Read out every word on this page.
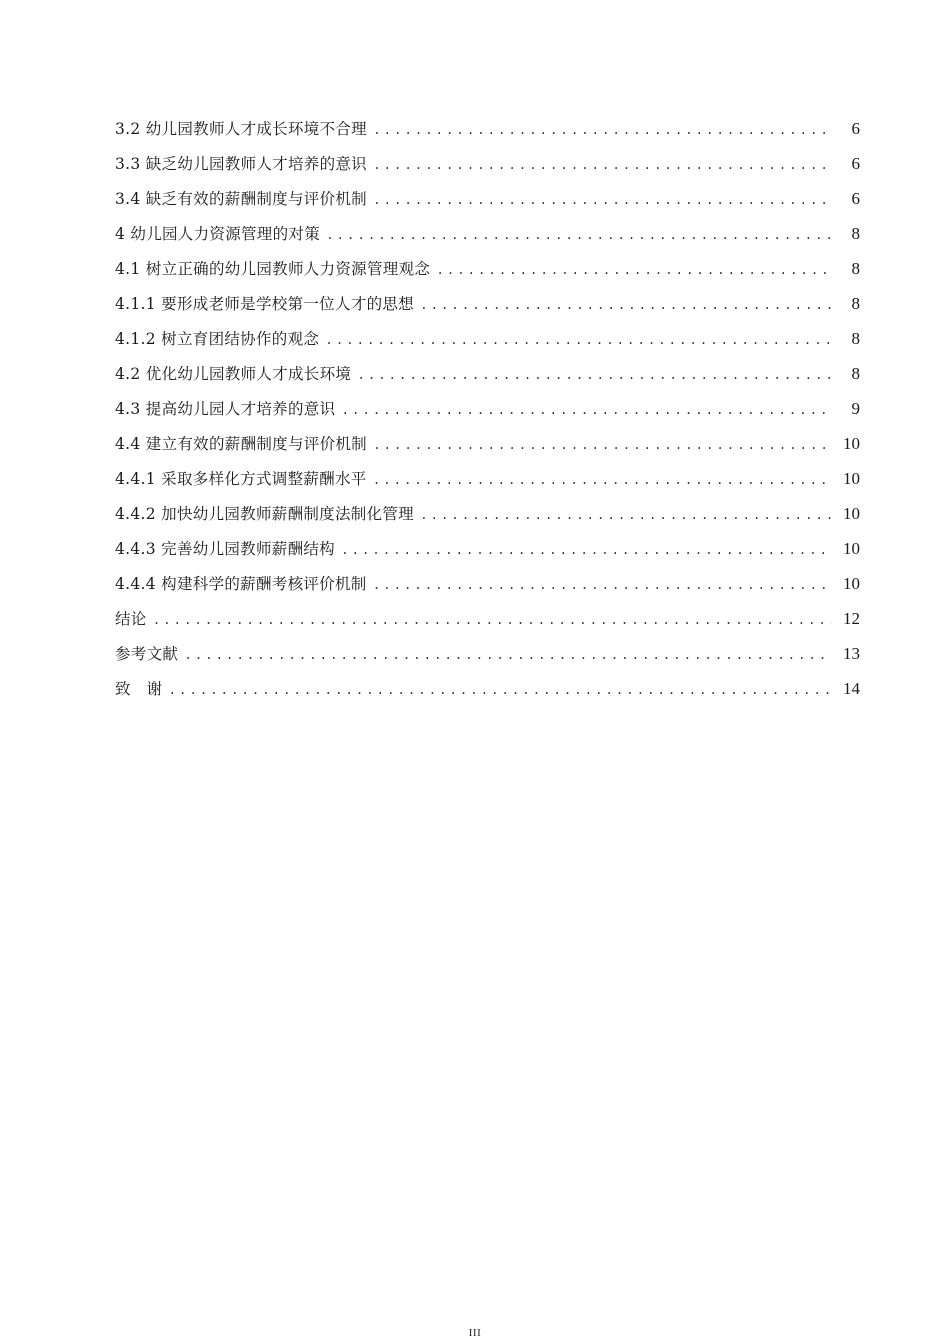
3.2 幼儿园教师人才成长环境不合理 .....	6
3.3 缺乏幼儿园教师人才培养的意识 .....	6
3.4 缺乏有效的薪酬制度与评价机制 .....	6
4 幼儿园人力资源管理的对策 .....	8
4.1 树立正确的幼儿园教师人力资源管理观念 .....	8
4.1.1 要形成老师是学校第一位人才的思想 .....	8
4.1.2 树立育团结协作的观念 .....	8
4.2 优化幼儿园教师人才成长环境 .....	8
4.3 提高幼儿园人才培养的意识 .....	9
4.4 建立有效的薪酬制度与评价机制 .....	10
4.4.1 采取多样化方式调整薪酬水平 .....	10
4.4.2 加快幼儿园教师薪酬制度法制化管理 .....	10
4.4.3 完善幼儿园教师薪酬结构 .....	10
4.4.4 构建科学的薪酬考核评价机制 .....	10
结论 .....	12
参考文献 .....	13
致　谢 .....	14
III
